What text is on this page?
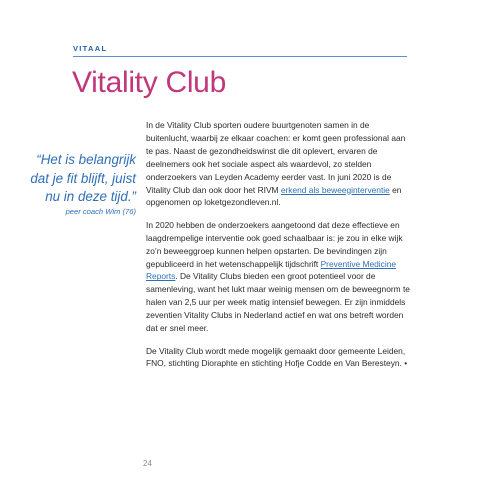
VITAAL
Vitality Club
“Het is belangrijk
dat je fit blijft, juist
nu in deze tijd.”
peer coach Wim (76)

In de Vitality Club sporten oudere buurtgenoten samen in de buitenlucht, waarbij ze elkaar coachen: er komt geen professional aan te pas. Naast de gezondheidswinst die dit oplevert, ervaren de deelnemers ook het sociale aspect als waardevol, zo stelden onderzoekers van Leyden Academy eerder vast. In juni 2020 is de Vitality Club dan ook door het RIVM erkend als beweeginterventie en opgenomen op loketgezondleven.nl.

In 2020 hebben de onderzoekers aangetoond dat deze effectieve en laagdrempelige interventie ook goed schaalbaar is: je zou in elke wijk zo’n beweeggroep kunnen helpen opstarten. De bevindingen zijn gepubliceerd in het wetenschappelijk tijdschrift Preventive Medicine Reports. De Vitality Clubs bieden een groot potentieel voor de samenleving, want het lukt maar weinig mensen om de beweegnorm te halen van 2,5 uur per week matig intensief bewegen. Er zijn inmiddels zeventien Vitality Clubs in Nederland actief en wat ons betreft worden dat er snel meer.

De Vitality Club wordt mede mogelijk gemaakt door gemeente Leiden, FNO, stichting Dioraphte en stichting Hofje Codde en Van Beresteyn. •

24
